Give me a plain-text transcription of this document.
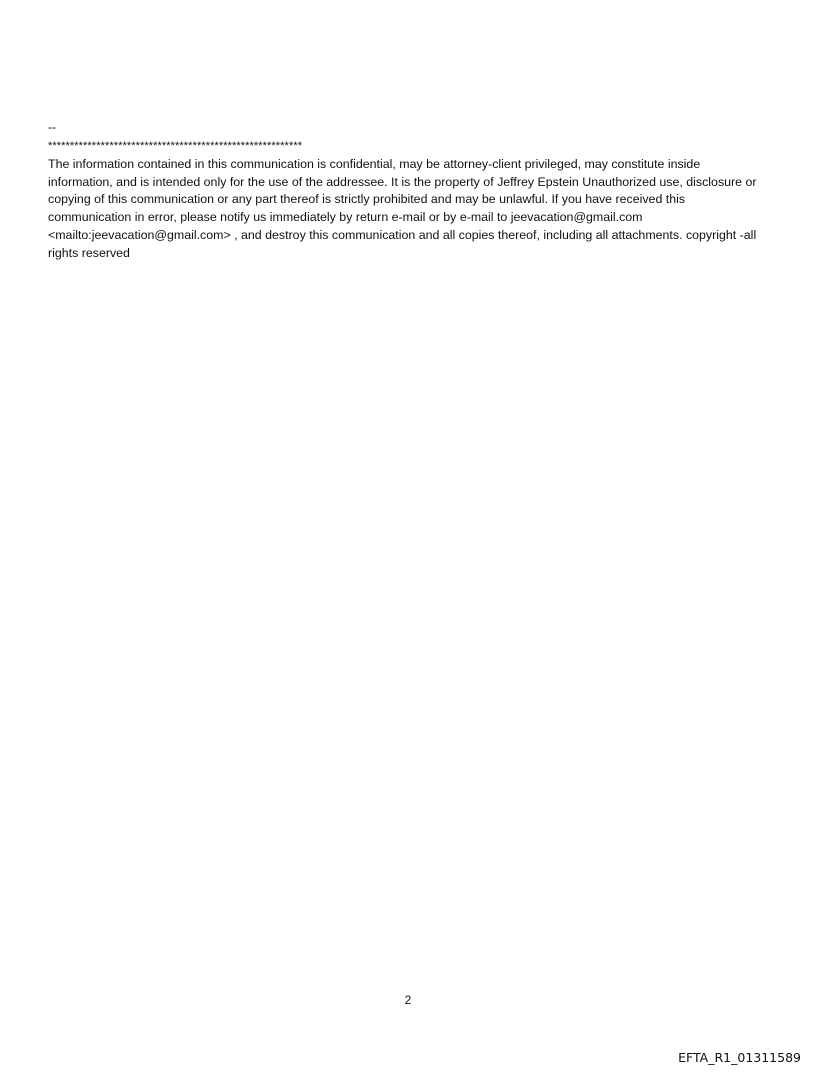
--
**********************************************************

The information contained in this communication is confidential, may be attorney-client privileged, may constitute inside information, and is intended only for the use of the addressee. It is the property of Jeffrey Epstein Unauthorized use, disclosure or copying of this communication or any part thereof is strictly prohibited and may be unlawful. If you have received this communication in error, please notify us immediately by return e-mail or by e-mail to jeevacation@gmail.com <mailto:jeevacation@gmail.com> , and destroy this communication and all copies thereof, including all attachments. copyright -all rights reserved

2
EFTA_R1_01311589
